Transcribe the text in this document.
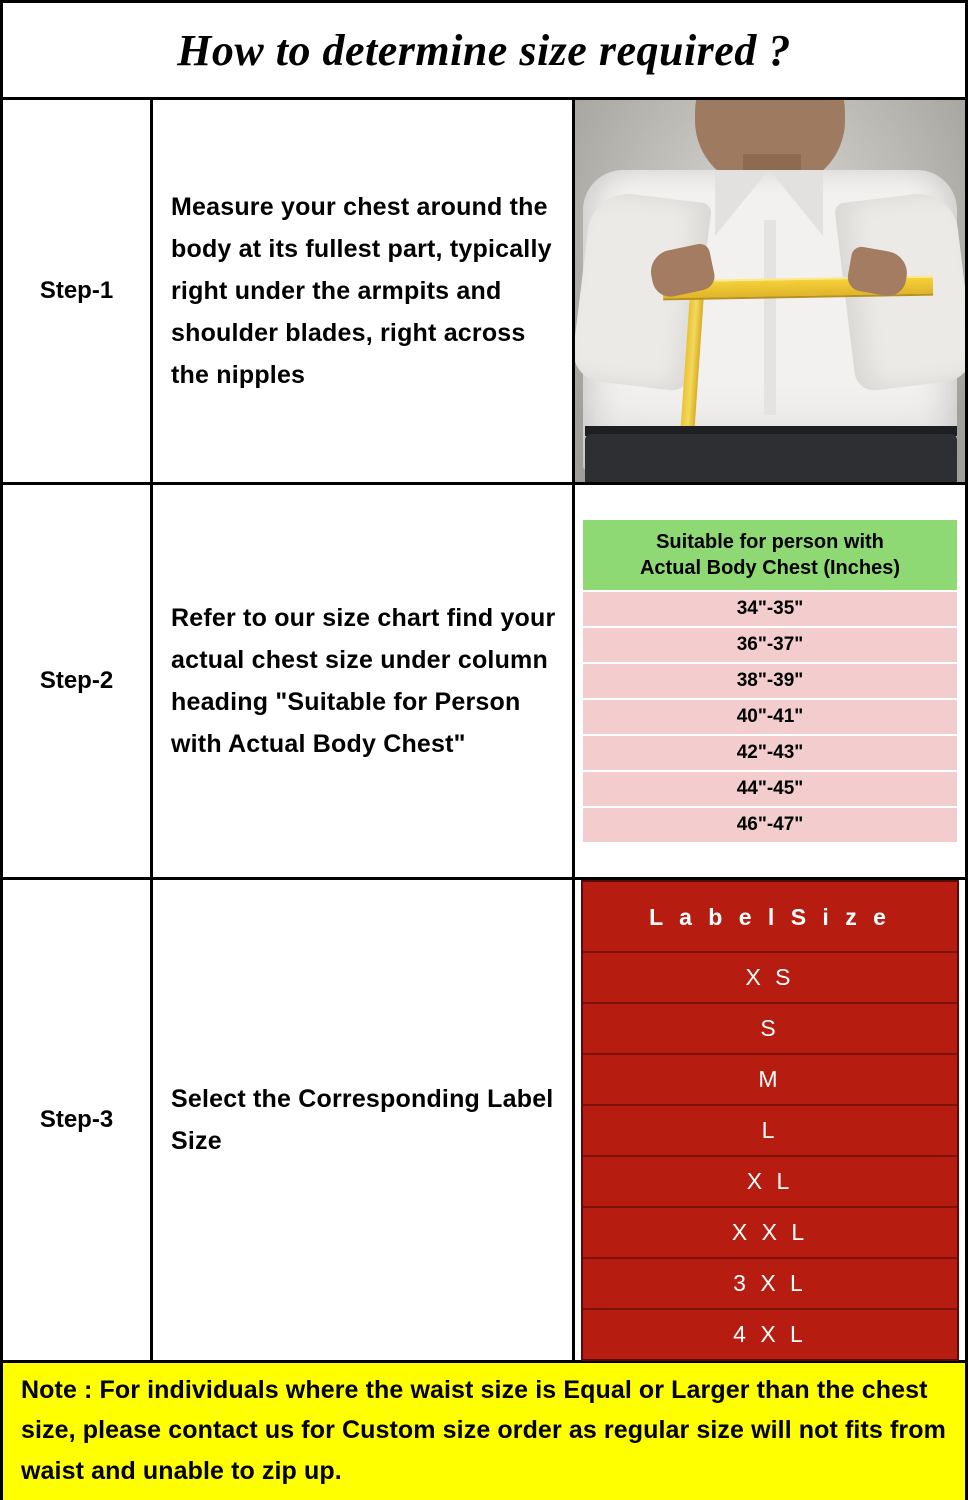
How to determine size required ?
Step-1

Measure your chest around the body at its fullest part, typically right under the armpits and shoulder blades, right across the nipples

Step-2

Refer to our size chart find your actual chest size under column heading "Suitable for Person with Actual Body Chest"

Suitable for person with
Actual Body Chest (Inches)
34"-35"
36"-37"
38"-39"
40"-41"
42"-43"
44"-45"
46"-47"
Step-3

Select the Corresponding Label Size

L a b e l S i z e
X S
S
M
L
X L
X X L
3 X L
4 X L

Note : For individuals where the waist size is Equal or Larger than the chest size, please contact us for Custom size order as regular size will not fits from waist and unable to zip up.
